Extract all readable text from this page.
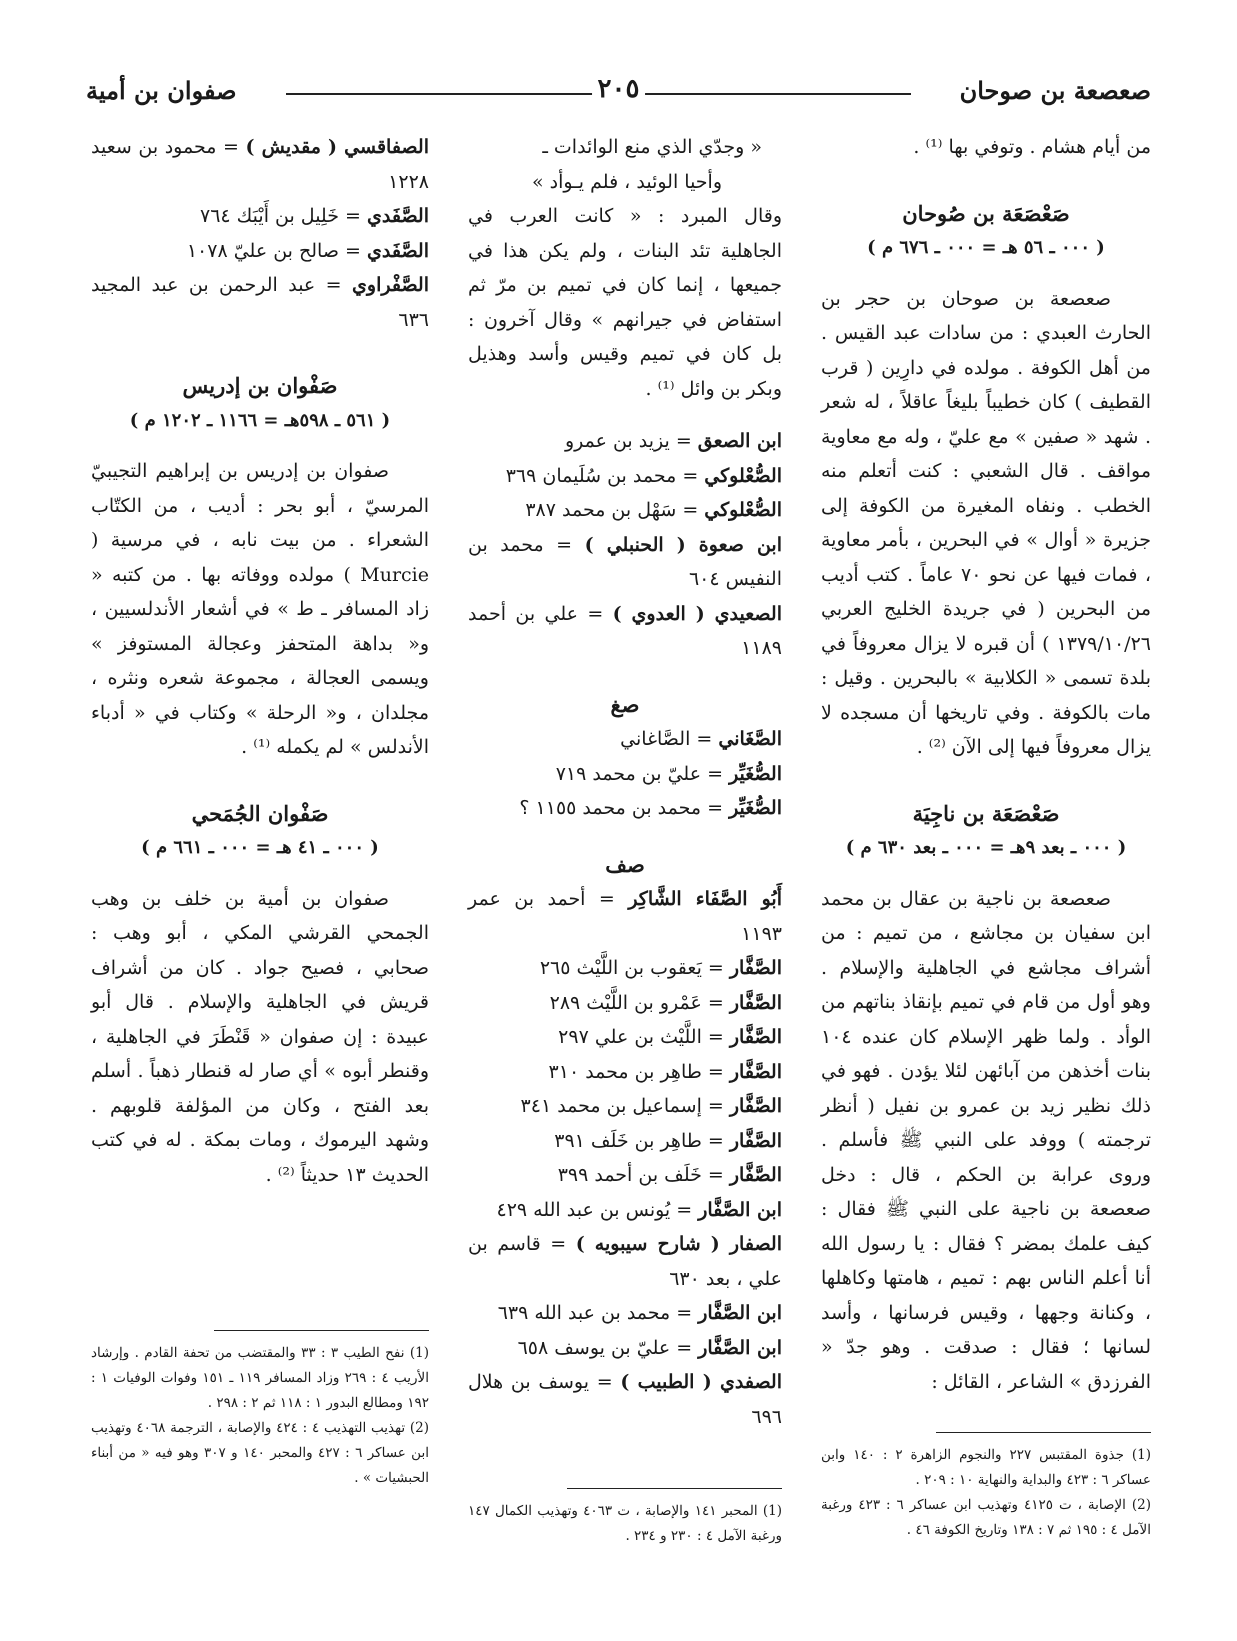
صعصعة بن صوحان
٢٠٥
صفوان بن أمية

من أيام هشام . وتوفي بها ⁽¹⁾ .

صَعْصَعَة بن صُوحان
( ٠٠٠ ـ ٥٦ هـ = ٠٠٠ ـ ٦٧٦ م )

صعصعة بن صوحان بن حجر بن الحارث العبدي : من سادات عبد القيس . من أهل الكوفة . مولده في دارِين ( قرب القطيف ) كان خطيباً بليغاً عاقلاً ، له شعر . شهد « صفين » مع عليّ ، وله مع معاوية مواقف . قال الشعبي : كنت أتعلم منه الخطب . ونفاه المغيرة من الكوفة إلى جزيرة « أوال » في البحرين ، بأمر معاوية ، فمات فيها عن نحو ٧٠ عاماً . كتب أديب من البحرين ( في جريدة الخليج العربي ١٣٧٩/١٠/٢٦ ) أن قبره لا يزال معروفاً في بلدة تسمى « الكلابية » بالبحرين . وقيل : مات بالكوفة . وفي تاريخها أن مسجده لا يزال معروفاً فيها إلى الآن ⁽²⁾ .

صَعْصَعَة بن ناجِيَة
( ٠٠٠ ـ بعد ٩هـ = ٠٠٠ ـ بعد ٦٣٠ م )

صعصعة بن ناجية بن عقال بن محمد ابن سفيان بن مجاشع ، من تميم : من أشراف مجاشع في الجاهلية والإسلام . وهو أول من قام في تميم بإنقاذ بناتهم من الوأد . ولما ظهر الإسلام كان عنده ١٠٤ بنات أخذهن من آبائهن لئلا يؤدن . فهو في ذلك نظير زيد بن عمرو بن نفيل ( أنظر ترجمته ) ووفد على النبي ﷺ فأسلم . وروى عرابة بن الحكم ، قال : دخل صعصعة بن ناجية على النبي ﷺ فقال : كيف علمك بمضر ؟ فقال : يا رسول الله أنا أعلم الناس بهم : تميم ، هامتها وكاهلها ، وكنانة وجهها ، وقيس فرسانها ، وأسد لسانها ؛ فقال : صدقت . وهو جدّ « الفرزدق » الشاعر ، القائل :

(1) جذوة المقتبس ٢٢٧ والنجوم الزاهرة ٢ : ١٤٠ وابن عساكر ٦ : ٤٢٣ والبداية والنهاية ١٠ : ٢٠٩ .

(2) الإصابة ، ت ٤١٢٥ وتهذيب ابن عساكر ٦ : ٤٢٣ ورغبة الآمل ٤ : ١٩٥ ثم ٧ : ١٣٨ وتاريخ الكوفة ٤٦ .

« وجدّي الذي منع الوائدات ـ

وأحيا الوئيد ، فلم يـوأد »

وقال المبرد : « كانت العرب في الجاهلية تئد البنات ، ولم يكن هذا في جميعها ، إنما كان في تميم بن مرّ ثم استفاض في جيرانهم » وقال آخرون : بل كان في تميم وقيس وأسد وهذيل وبكر بن وائل ⁽¹⁾ .

ابن الصعق = يزيد بن عمرو
الصُّعْلوكي = محمد بن سُلَيمان ٣٦٩
الصُّعْلوكي = سَهْل بن محمد ٣٨٧
ابن صعوة ( الحنبلي ) = محمد بن النفيس ٦٠٤
الصعيدي ( العدوي ) = علي بن أحمد ١١٨٩
صغ
الصَّغَاني = الصَّاغاني
الصُّغَيِّر = عليّ بن محمد ٧١٩
الصُّغَيِّر = محمد بن محمد ١١٥٥ ؟
صف
أَبُو الصَّفَاء الشَّاكِر = أحمد بن عمر ١١٩٣
الصَّفَّار = يَعقوب بن اللَّيْث ٢٦٥
الصَّفَّار = عَمْرو بن اللَّيْث ٢٨٩
الصَّفَّار = اللَّيْث بن علي ٢٩٧
الصَّفَّار = طاهِر بن محمد ٣١٠
الصَّفَّار = إسماعيل بن محمد ٣٤١
الصَّفَّار = طاهِر بن خَلَف ٣٩١
الصَّفَّار = خَلَف بن أحمد ٣٩٩
ابن الصَّفَّار = يُونس بن عبد الله ٤٢٩
الصفار ( شارح سيبويه ) = قاسم بن علي ، بعد ٦٣٠
ابن الصَّفَّار = محمد بن عبد الله ٦٣٩
ابن الصَّفَّار = عليّ بن يوسف ٦٥٨
الصفدي ( الطبيب ) = يوسف بن هلال ٦٩٦

(1) المحبر ١٤١ والإصابة ، ت ٤٠٦٣ وتهذيب الكمال ١٤٧ ورغبة الآمل ٤ : ٢٣٠ و ٢٣٤ .

الصفاقسي ( مقديش ) = محمود بن سعيد ١٢٢٨
الصَّفَدي = خَلِيل بن أَيْبَك ٧٦٤
الصَّفَدي = صالح بن عليّ ١٠٧٨
الصَّفْراوي = عبد الرحمن بن عبد المجيد ٦٣٦
صَفْوان بن إدريس
( ٥٦١ ـ ٥٩٨هـ = ١١٦٦ ـ ١٢٠٢ م )

صفوان بن إدريس بن إبراهيم التجيبيّ المرسيّ ، أبو بحر : أديب ، من الكتّاب الشعراء . من بيت نابه ، في مرسية ( Murcie ) مولده ووفاته بها . من كتبه « زاد المسافر ـ ط » في أشعار الأندلسيين ، و« بداهة المتحفز وعجالة المستوفز » ويسمى العجالة ، مجموعة شعره ونثره ، مجلدان ، و« الرحلة » وكتاب في « أدباء الأندلس » لم يكمله ⁽¹⁾ .

صَفْوان الجُمَحي
( ٠٠٠ ـ ٤١ هـ = ٠٠٠ ـ ٦٦١ م )

صفوان بن أمية بن خلف بن وهب الجمحي القرشي المكي ، أبو وهب : صحابي ، فصيح جواد . كان من أشراف قريش في الجاهلية والإسلام . قال أبو عبيدة : إن صفوان « قَنْطَرَ في الجاهلية ، وقنطر أبوه » أي صار له قنطار ذهباً . أسلم بعد الفتح ، وكان من المؤلفة قلوبهم . وشهد اليرموك ، ومات بمكة . له في كتب الحديث ١٣ حديثاً ⁽²⁾ .

(1) نفح الطيب ٣ : ٣٣ والمقتضب من تحفة القادم . وإرشاد الأريب ٤ : ٢٦٩ وزاد المسافر ١١٩ ـ ١٥١ وفوات الوفيات ١ : ١٩٢ ومطالع البدور ١ : ١١٨ ثم ٢ : ٢٩٨ .

(2) تهذيب التهذيب ٤ : ٤٢٤ والإصابة ، الترجمة ٤٠٦٨ وتهذيب ابن عساكر ٦ : ٤٢٧ والمحبر ١٤٠ و ٣٠٧ وهو فيه « من أبناء الحبشيات » .
